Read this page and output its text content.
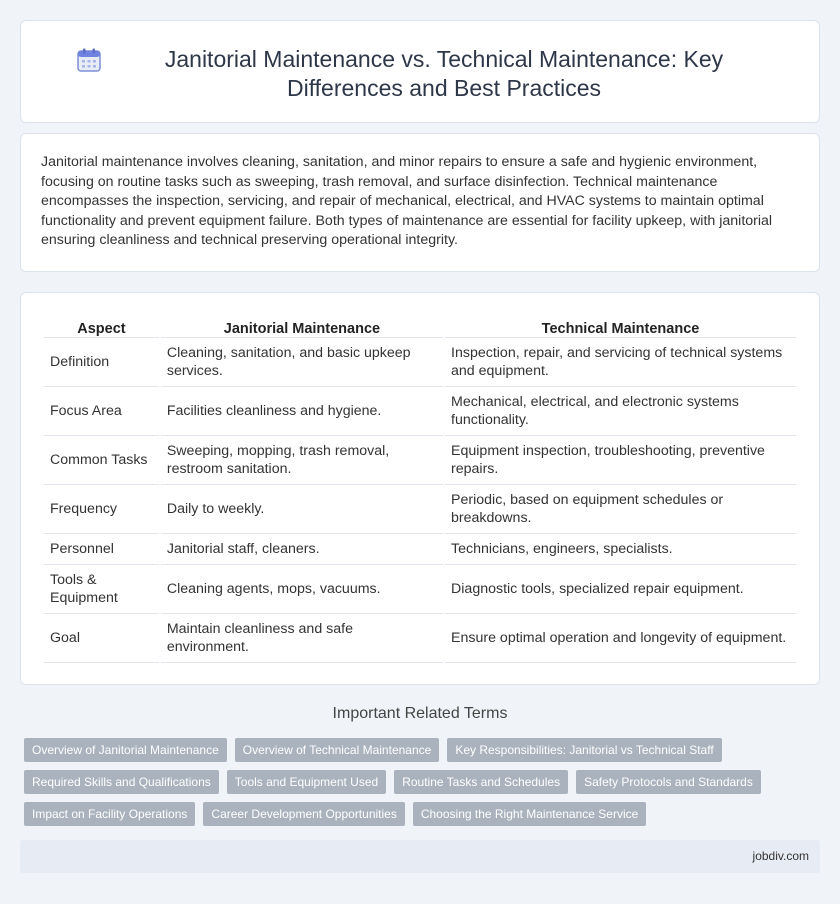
Janitorial Maintenance vs. Technical Maintenance: Key Differences and Best Practices

Janitorial maintenance involves cleaning, sanitation, and minor repairs to ensure a safe and hygienic environment, focusing on routine tasks such as sweeping, trash removal, and surface disinfection. Technical maintenance encompasses the inspection, servicing, and repair of mechanical, electrical, and HVAC systems to maintain optimal functionality and prevent equipment failure. Both types of maintenance are essential for facility upkeep, with janitorial ensuring cleanliness and technical preserving operational integrity.

Aspect	Janitorial Maintenance	Technical Maintenance
Definition	Cleaning, sanitation, and basic upkeep services.	Inspection, repair, and servicing of technical systems and equipment.
Focus Area	Facilities cleanliness and hygiene.	Mechanical, electrical, and electronic systems functionality.
Common Tasks	Sweeping, mopping, trash removal, restroom sanitation.	Equipment inspection, troubleshooting, preventive repairs.
Frequency	Daily to weekly.	Periodic, based on equipment schedules or breakdowns.
Personnel	Janitorial staff, cleaners.	Technicians, engineers, specialists.
Tools & Equipment	Cleaning agents, mops, vacuums.	Diagnostic tools, specialized repair equipment.
Goal	Maintain cleanliness and safe environment.	Ensure optimal operation and longevity of equipment.
Important Related Terms
Overview of Janitorial Maintenance	Overview of Technical Maintenance	Key Responsibilities: Janitorial vs Technical Staff
Required Skills and Qualifications	Tools and Equipment Used	Routine Tasks and Schedules	Safety Protocols and Standards
Impact on Facility Operations	Career Development Opportunities	Choosing the Right Maintenance Service
jobdiv.com
